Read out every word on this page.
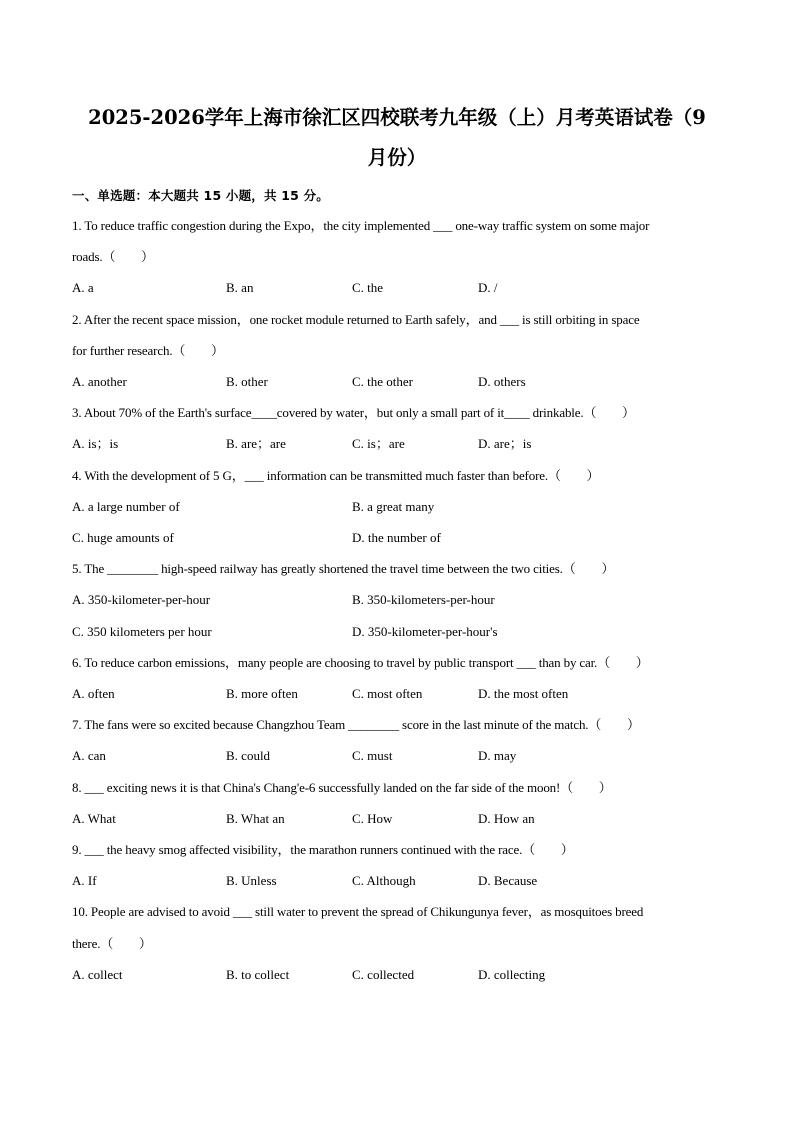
2025-2026学年上海市徐汇区四校联考九年级（上）月考英语试卷（9
月份）
一、单选题：本大题共 15 小题，共 15 分。
1. To reduce traffic congestion during the Expo，the city implemented ___ one-way traffic system on some major
roads.（　　）
A. a	B. an	C. the	D. /
2. After the recent space mission，one rocket module returned to Earth safely，and ___ is still orbiting in space
for further research.（　　）
A. another	B. other	C. the other	D. others
3. About 70% of the Earth's surface____covered by water，but only a small part of it____ drinkable.（　　）
A. is；is	B. are；are	C. is；are	D. are；is
4. With the development of 5 G，___ information can be transmitted much faster than before.（　　）
A. a large number of	B. a great many
C. huge amounts of	D. the number of
5. The ________ high-speed railway has greatly shortened the travel time between the two cities.（　　）
A. 350-kilometer-per-hour	B. 350-kilometers-per-hour
C. 350 kilometers per hour	D. 350-kilometer-per-hour's
6. To reduce carbon emissions，many people are choosing to travel by public transport ___ than by car.（　　）
A. often	B. more often	C. most often	D. the most often
7. The fans were so excited because Changzhou Team ________ score in the last minute of the match.（　　）
A. can	B. could	C. must	D. may
8. ___ exciting news it is that China's Chang'e-6 successfully landed on the far side of the moon!（　　）
A. What	B. What an	C. How	D. How an
9. ___ the heavy smog affected visibility，the marathon runners continued with the race.（　　）
A. If	B. Unless	C. Although	D. Because
10. People are advised to avoid ___ still water to prevent the spread of Chikungunya fever，as mosquitoes breed
there.（　　）
A. collect	B. to collect	C. collected	D. collecting
